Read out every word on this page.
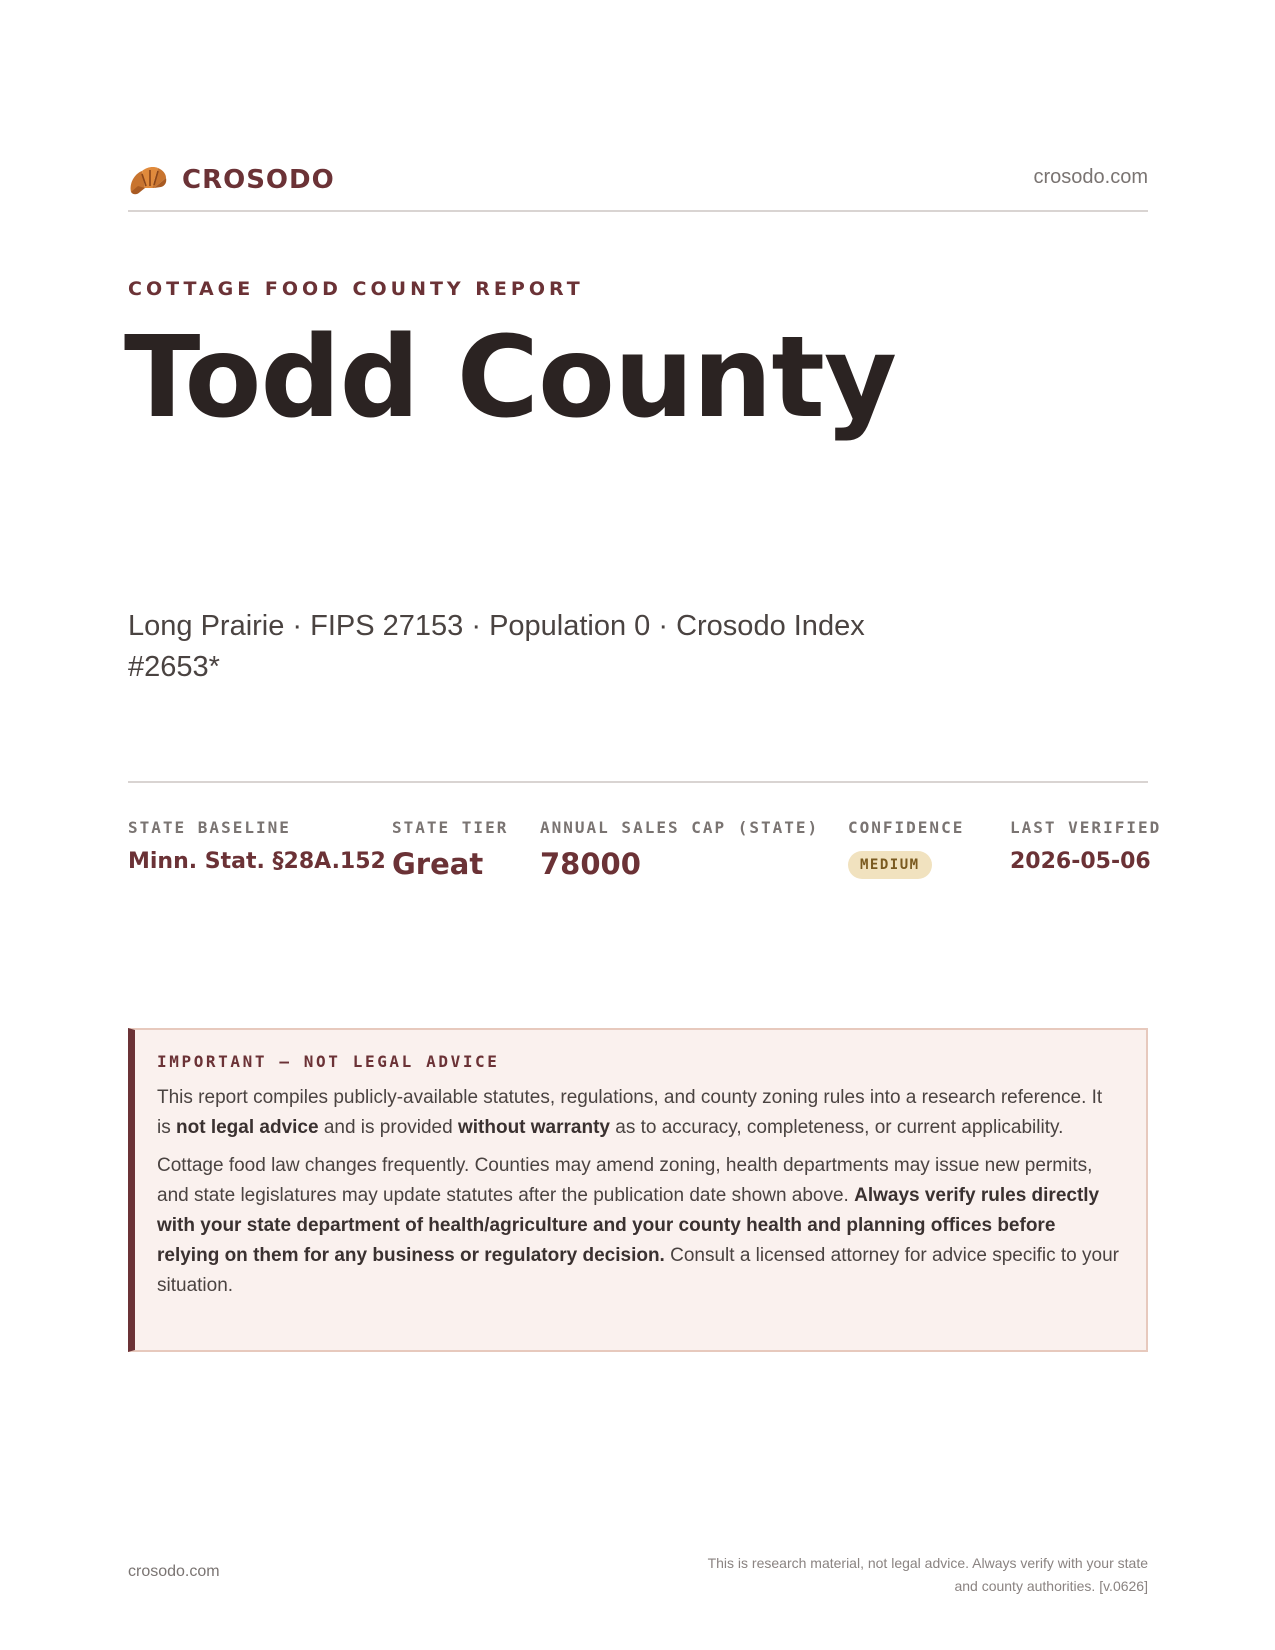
CROSODO	crosodo.com
COTTAGE FOOD COUNTY REPORT
Todd County
Long Prairie · FIPS 27153 · Population 0 · Crosodo Index #2653*
STATE BASELINE
Minn. Stat. §28A.152
STATE TIER
Great
ANNUAL SALES CAP (STATE)
78000
CONFIDENCE
MEDIUM
LAST VERIFIED
2026-05-06
IMPORTANT — NOT LEGAL ADVICE

This report compiles publicly-available statutes, regulations, and county zoning rules into a research reference. It is not legal advice and is provided without warranty as to accuracy, completeness, or current applicability.

Cottage food law changes frequently. Counties may amend zoning, health departments may issue new permits, and state legislatures may update statutes after the publication date shown above. Always verify rules directly with your state department of health/agriculture and your county health and planning offices before relying on them for any business or regulatory decision. Consult a licensed attorney for advice specific to your situation.

crosodo.com	This is research material, not legal advice. Always verify with your state
and county authorities. [v.0626]
